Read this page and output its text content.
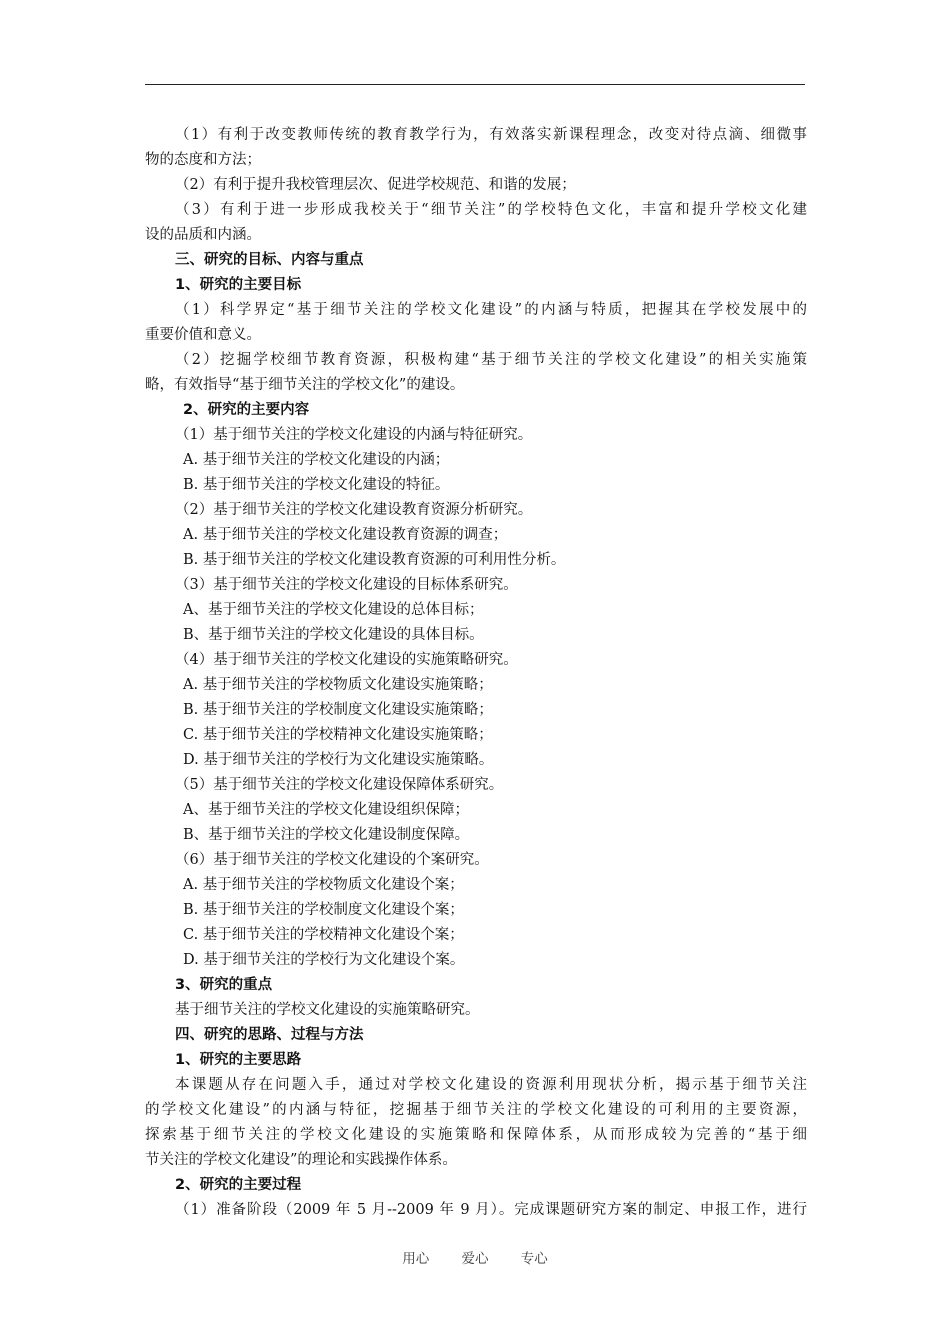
（1）有利于改变教师传统的教育教学行为，有效落实新课程理念，改变对待点滴、细微事
物的态度和方法；
（2）有利于提升我校管理层次、促进学校规范、和谐的发展；
（3）有利于进一步形成我校关于“细节关注”的学校特色文化，丰富和提升学校文化建
设的品质和内涵。
三、研究的目标、内容与重点
1、研究的主要目标
（1）科学界定“基于细节关注的学校文化建设”的内涵与特质，把握其在学校发展中的
重要价值和意义。
（2）挖掘学校细节教育资源，积极构建“基于细节关注的学校文化建设”的相关实施策
略，有效指导“基于细节关注的学校文化”的建设。
2、研究的主要内容
（1）基于细节关注的学校文化建设的内涵与特征研究。
A. 基于细节关注的学校文化建设的内涵；
B. 基于细节关注的学校文化建设的特征。
（2）基于细节关注的学校文化建设教育资源分析研究。
A. 基于细节关注的学校文化建设教育资源的调查；
B. 基于细节关注的学校文化建设教育资源的可利用性分析。
（3）基于细节关注的学校文化建设的目标体系研究。
A、基于细节关注的学校文化建设的总体目标；
B、基于细节关注的学校文化建设的具体目标。
（4）基于细节关注的学校文化建设的实施策略研究。
A. 基于细节关注的学校物质文化建设实施策略；
B. 基于细节关注的学校制度文化建设实施策略；
C. 基于细节关注的学校精神文化建设实施策略；
D. 基于细节关注的学校行为文化建设实施策略。
（5）基于细节关注的学校文化建设保障体系研究。
A、基于细节关注的学校文化建设组织保障；
B、基于细节关注的学校文化建设制度保障。
（6）基于细节关注的学校文化建设的个案研究。
A. 基于细节关注的学校物质文化建设个案；
B. 基于细节关注的学校制度文化建设个案；
C. 基于细节关注的学校精神文化建设个案；
D. 基于细节关注的学校行为文化建设个案。
3、研究的重点
基于细节关注的学校文化建设的实施策略研究。
四、研究的思路、过程与方法
1、研究的主要思路
本课题从存在问题入手，通过对学校文化建设的资源利用现状分析，揭示基于细节关注
的学校文化建设”的内涵与特征，挖掘基于细节关注的学校文化建设的可利用的主要资源，
探索基于细节关注的学校文化建设的实施策略和保障体系，从而形成较为完善的“基于细
节关注的学校文化建设”的理论和实践操作体系。
2、研究的主要过程
（1）准备阶段（2009 年 5 月--2009 年 9 月）。完成课题研究方案的制定、申报工作，进行
用心 爱心 专心
